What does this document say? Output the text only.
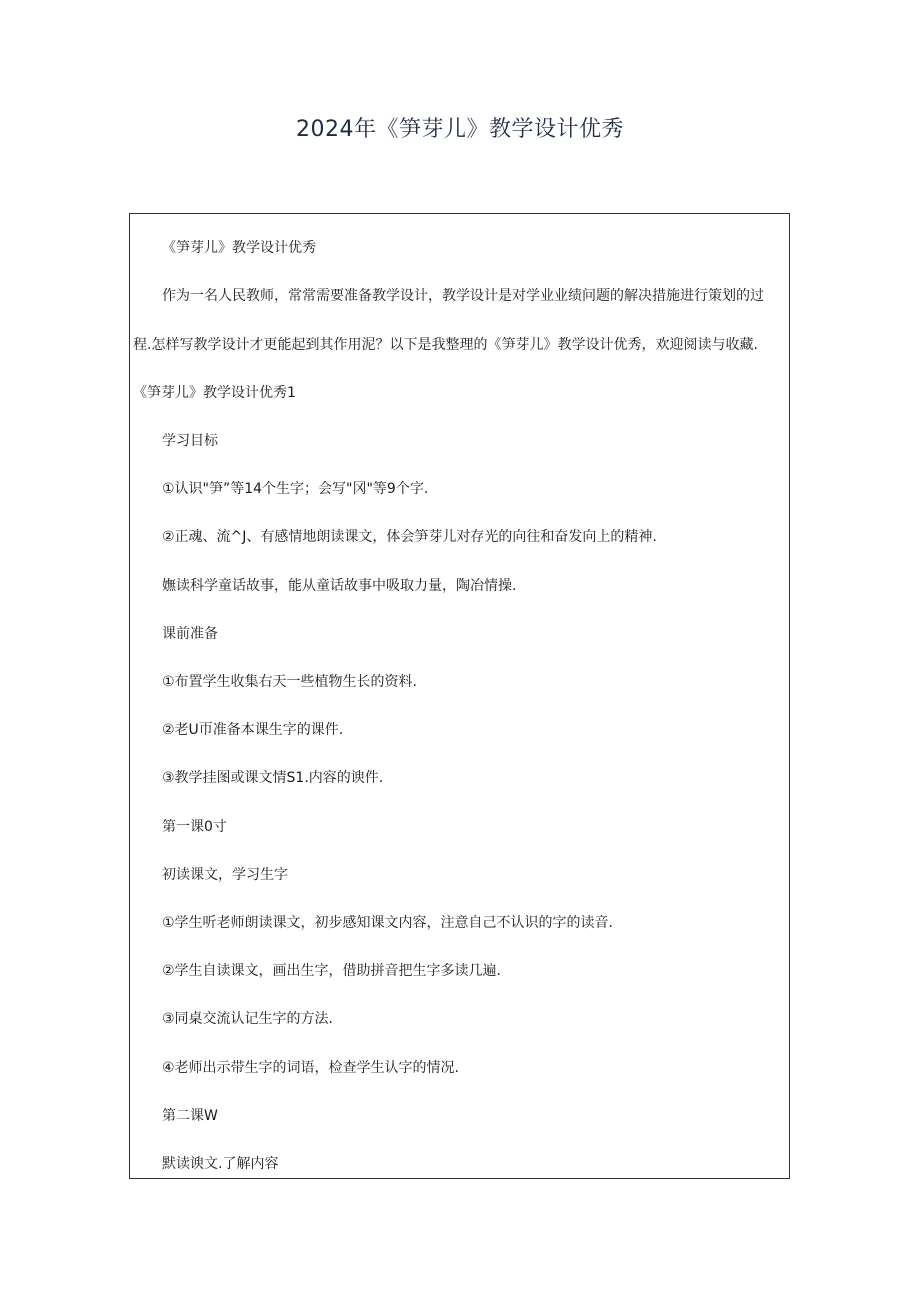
2024年《笋芽儿》教学设计优秀

《笋芽儿》教学设计优秀

作为一名人民教师，常常需要准备教学设计，教学设计是对学业业绩问题的解决措施进行策划的过

程.怎样写教学设计才更能起到其作用泥？以下是我整理的《笋芽儿》教学设计优秀，欢迎阅读与收藏.

《笋芽儿》教学设计优秀1

学习目标

①认识"笋”等14个生字；会写"冈"等9个字.

②正魂、流^J、有感情地朗读课文，体会笋芽儿对存光的向往和奋发向上的精神.

嫵读科学童话故事，能从童话故事中吸取力量，陶冶情操.

课前准备

①布置学生收集右天一些植物生长的资料.

②老U帀准备本课生字的课件.

③教学挂图或课文情S1.内容的谀件.

第一课0寸

初读课文，学习生字

①学生听老师朗读课文，初步感知课文内容，注意自己不认识的字的读音.

②学生自读课文，画出生字，借助拼音把生字多读几遍.

③同桌交流认记生字的方法.

④老师出示带生字的词语，检查学生认字的情况.

第二课W

默读谀文.了解内容
